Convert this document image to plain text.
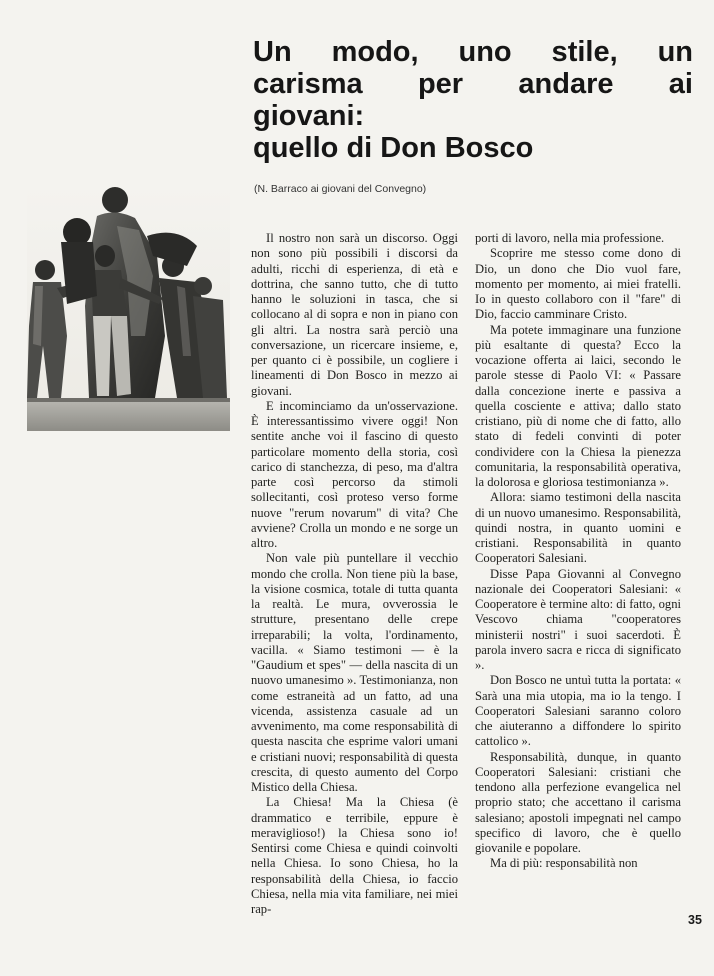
Un modo, uno stile, un
carisma per andare ai
giovani:
quello di Don Bosco
(N. Barraco ai giovani del Convegno)

Il nostro non sarà un discorso. Oggi non sono più possibili i discorsi da adulti, ricchi di esperienza, di età e dottrina, che sanno tutto, che di tutto hanno le soluzioni in tasca, che si collocano al di sopra e non in piano con gli altri. La nostra sarà perciò una conversazione, un ricercare insieme, e, per quanto ci è possibile, un cogliere i lineamenti di Don Bosco in mezzo ai giovani.

E incominciamo da un'osservazione. È interessantissimo vivere oggi! Non sentite anche voi il fascino di questo particolare momento della storia, così carico di stanchezza, di peso, ma d'altra parte così percorso da stimoli sollecitanti, così proteso verso forme nuove "rerum novarum" di vita? Che avviene? Crolla un mondo e ne sorge un altro.

Non vale più puntellare il vecchio mondo che crolla. Non tiene più la base, la visione cosmica, totale di tutta quanta la realtà. Le mura, ovverossia le strutture, presentano delle crepe irreparabili; la volta, l'ordinamento, vacilla. « Siamo testimoni — è la "Gaudium et spes" — della nascita di un nuovo umanesimo ». Testimonianza, non come estraneità ad un fatto, ad una vicenda, assistenza casuale ad un avvenimento, ma come responsabilità di questa nascita che esprime valori umani e cristiani nuovi; responsabilità di questa crescita, di questo aumento del Corpo Mistico della Chiesa.

La Chiesa! Ma la Chiesa (è drammatico e terribile, eppure è meraviglioso!) la Chiesa sono io! Sentirsi come Chiesa e quindi coinvolti nella Chiesa. Io sono Chiesa, ho la responsabilità della Chiesa, io faccio Chiesa, nella mia vita familiare, nei miei rap-

porti di lavoro, nella mia professione.

Scoprire me stesso come dono di Dio, un dono che Dio vuol fare, momento per momento, ai miei fratelli. Io in questo collaboro con il "fare" di Dio, faccio camminare Cristo.

Ma potete immaginare una funzione più esaltante di questa? Ecco la vocazione offerta ai laici, secondo le parole stesse di Paolo VI: « Passare dalla concezione inerte e passiva a quella cosciente e attiva; dallo stato cristiano, più di nome che di fatto, allo stato di fedeli convinti di poter condividere con la Chiesa la pienezza comunitaria, la responsabilità operativa, la dolorosa e gloriosa testimonianza ».

Allora: siamo testimoni della nascita di un nuovo umanesimo. Responsabilità, quindi nostra, in quanto uomini e cristiani. Responsabilità in quanto Cooperatori Salesiani.

Disse Papa Giovanni al Convegno nazionale dei Cooperatori Salesiani: « Cooperatore è termine alto: di fatto, ogni Vescovo chiama "cooperatores ministerii nostri" i suoi sacerdoti. È parola invero sacra e ricca di significato ».

Don Bosco ne untuì tutta la portata: « Sarà una mia utopia, ma io la tengo. I Cooperatori Salesiani saranno coloro che aiuteranno a diffondere lo spirito cattolico ».

Responsabilità, dunque, in quanto Cooperatori Salesiani: cristiani che tendono alla perfezione evangelica nel proprio stato; che accettano il carisma salesiano; apostoli impegnati nel campo specifico di lavoro, che è quello giovanile e popolare.

Ma di più: responsabilità non

35
